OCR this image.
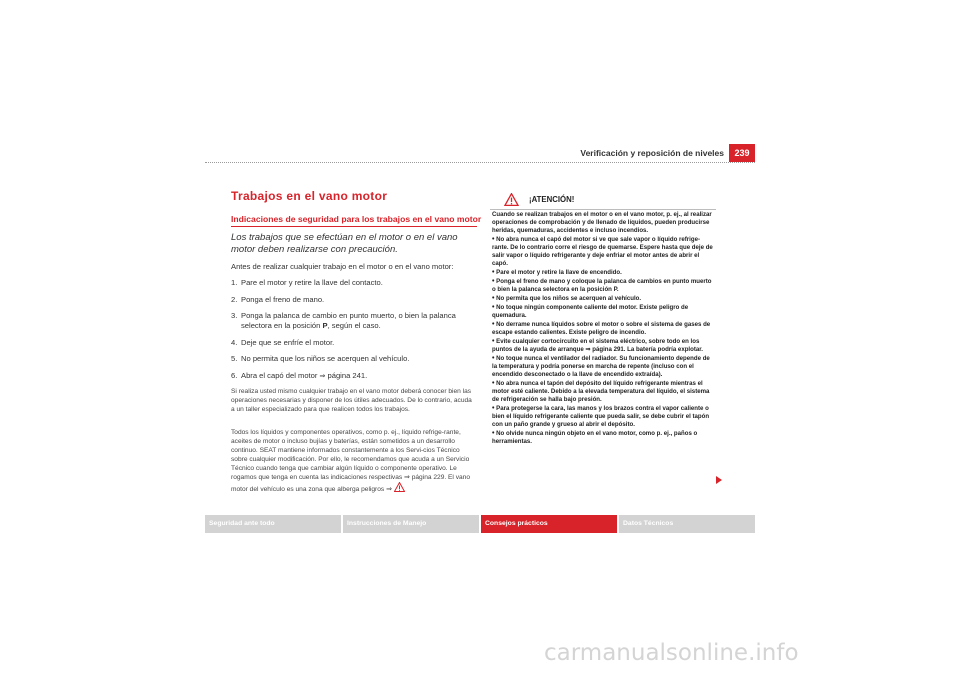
Verificación y reposición de niveles	239
Trabajos en el vano motor
Indicaciones de seguridad para los trabajos en el vano motor
Los trabajos que se efectúan en el motor o en el vano motor deben realizarse con precaución.
Antes de realizar cualquier trabajo en el motor o en el vano motor:
1. Pare el motor y retire la llave del contacto.
2. Ponga el freno de mano.
3. Ponga la palanca de cambio en punto muerto, o bien la palanca selectora en la posición P, según el caso.
4. Deje que se enfríe el motor.
5. No permita que los niños se acerquen al vehículo.
6. Abra el capó del motor ⇒ página 241.
Si realiza usted mismo cualquier trabajo en el vano motor deberá conocer bien las operaciones necesarias y disponer de los útiles adecuados. De lo contrario, acuda a un taller especializado para que realicen todos los trabajos.
Todos los líquidos y componentes operativos, como p. ej., líquido refrige-rante, aceites de motor o incluso bujías y baterías, están sometidos a un desarrollo continuo. SEAT mantiene informados constantemente a los Servi-cios Técnico sobre cualquier modificación. Por ello, le recomendamos que acuda a un Servicio Técnico cuando tenga que cambiar algún líquido o componente operativo. Le rogamos que tenga en cuenta las indicaciones respectivas ⇒ página 229. El vano motor del vehículo es una zona que alberga peligros ⇒
¡ATENCIÓN!

Cuando se realizan trabajos en el motor o en el vano motor, p. ej., al realizar operaciones de comprobación y de llenado de líquidos, pueden producirse heridas, quemaduras, accidentes e incluso incendios.

• No abra nunca el capó del motor si ve que sale vapor o líquido refrige-rante. De lo contrario corre el riesgo de quemarse. Espere hasta que deje de salir vapor o líquido refrigerante y deje enfriar el motor antes de abrir el capó.

• Pare el motor y retire la llave de encendido.

• Ponga el freno de mano y coloque la palanca de cambios en punto muerto o bien la palanca selectora en la posición P.

• No permita que los niños se acerquen al vehículo.

• No toque ningún componente caliente del motor. Existe peligro de quemadura.

• No derrame nunca líquidos sobre el motor o sobre el sistema de gases de escape estando calientes. Existe peligro de incendio.

• Evite cualquier cortocircuito en el sistema eléctrico, sobre todo en los puntos de la ayuda de arranque ⇒ página 291. La batería podría explotar.

• No toque nunca el ventilador del radiador. Su funcionamiento depende de la temperatura y podría ponerse en marcha de repente (incluso con el encendido desconectado o la llave de encendido extraída).

• No abra nunca el tapón del depósito del líquido refrigerante mientras el motor esté caliente. Debido a la elevada temperatura del líquido, el sistema de refrigeración se halla bajo presión.

• Para protegerse la cara, las manos y los brazos contra el vapor caliente o bien el líquido refrigerante caliente que pueda salir, se debe cubrir el tapón con un paño grande y grueso al abrir el depósito.

• No olvide nunca ningún objeto en el vano motor, como p. ej., paños o herramientas.

Seguridad ante todo	Instrucciones de Manejo	Consejos prácticos	Datos Técnicos
carmanualsonline.info
